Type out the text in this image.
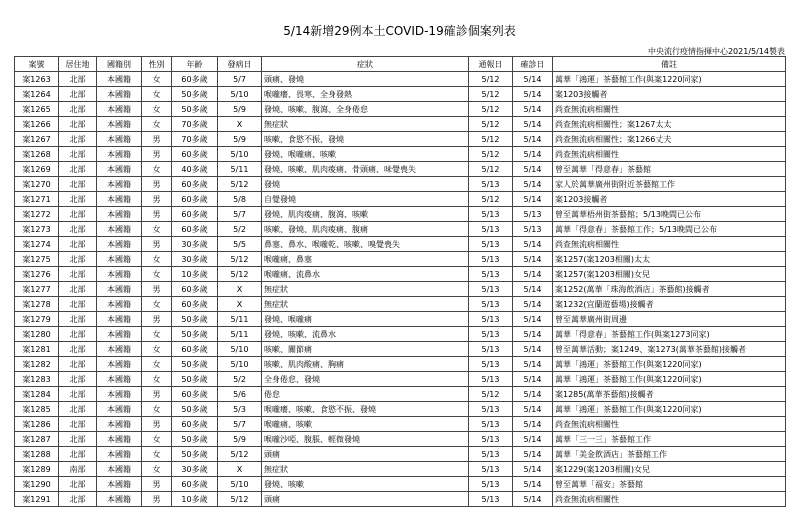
5/14新增29例本土COVID-19確診個案列表
中央流行疫情指揮中心2021/5/14製表
案號	居住地	國籍別	性別	年齡	發病日	症狀	通報日	確診日	備註
案1263	北部	本國籍	女	60多歲	5/7	頭痛、發燒	5/12	5/14	萬華「鴻運」茶藝館工作(與案1220同家)
案1264	北部	本國籍	女	50多歲	5/10	喉嚨癢、畏寒、全身發熱	5/12	5/14	案1203接觸者
案1265	北部	本國籍	女	50多歲	5/9	發燒、咳嗽、腹瀉、全身倦怠	5/12	5/14	尚查無流病相關性
案1266	北部	本國籍	女	70多歲	X	無症狀	5/12	5/14	尚查無流病相關性；案1267太太
案1267	北部	本國籍	男	70多歲	5/9	咳嗽、食慾不振、發燒	5/12	5/14	尚查無流病相關性；案1266丈夫
案1268	北部	本國籍	男	60多歲	5/10	發燒、喉嚨痛、咳嗽	5/12	5/14	尚查無流病相關性
案1269	北部	本國籍	女	40多歲	5/11	發燒、咳嗽、肌肉痠痛、骨頭痛、味覺喪失	5/12	5/14	曾至萬華「得意春」茶藝館
案1270	北部	本國籍	男	60多歲	5/12	發燒	5/13	5/14	家人於萬華廣州街附近茶藝館工作
案1271	北部	本國籍	男	60多歲	5/8	自覺發燒	5/12	5/14	案1203接觸者
案1272	北部	本國籍	男	60多歲	5/7	發燒、肌肉痠痛、腹瀉、咳嗽	5/13	5/13	曾至萬華梧州街茶藝館；5/13晚間已公布
案1273	北部	本國籍	女	60多歲	5/2	咳嗽、發燒、肌肉痠痛、腹痛	5/13	5/13	萬華「得意春」茶藝館工作；5/13晚間已公布
案1274	北部	本國籍	男	30多歲	5/5	鼻塞、鼻水、喉嚨乾、咳嗽、嗅覺喪失	5/13	5/14	尚查無流病相關性
案1275	北部	本國籍	女	30多歲	5/12	喉嚨痛、鼻塞	5/13	5/14	案1257(案1203相關)太太
案1276	北部	本國籍	女	10多歲	5/12	喉嚨痛、流鼻水	5/13	5/14	案1257(案1203相關)女兒
案1277	北部	本國籍	男	60多歲	X	無症狀	5/13	5/14	案1252(萬華「珠海飲酒店」茶藝館)接觸者
案1278	北部	本國籍	女	60多歲	X	無症狀	5/13	5/14	案1232(宜蘭遊藝場)接觸者
案1279	北部	本國籍	男	50多歲	5/11	發燒、喉嚨痛	5/13	5/14	曾至萬華廣州街周邊
案1280	北部	本國籍	女	50多歲	5/11	發燒、咳嗽、流鼻水	5/13	5/14	萬華「得意春」茶藝館工作(與案1273同家)
案1281	北部	本國籍	女	60多歲	5/10	咳嗽、關節痛	5/13	5/14	曾至萬華活動；案1249、案1273(萬華茶藝館)接觸者
案1282	北部	本國籍	女	50多歲	5/10	咳嗽、肌肉酸痛、胸痛	5/13	5/14	萬華「鴻運」茶藝館工作(與案1220同家)
案1283	北部	本國籍	女	50多歲	5/2	全身倦怠、發燒	5/13	5/14	萬華「鴻運」茶藝館工作(與案1220同家)
案1284	北部	本國籍	男	60多歲	5/6	倦怠	5/12	5/14	案1285(萬華茶藝館)接觸者
案1285	北部	本國籍	女	50多歲	5/3	喉嚨癢、咳嗽、食慾不振、發燒	5/13	5/14	萬華「鴻運」茶藝館工作(與案1220同家)
案1286	北部	本國籍	男	60多歲	5/7	喉嚨痛、咳嗽	5/13	5/14	尚查無流病相關性
案1287	北部	本國籍	女	50多歲	5/9	喉嚨沙啞、腹脹、輕微發燒	5/13	5/14	萬華「三一三」茶藝館工作
案1288	北部	本國籍	女	50多歲	5/12	頭痛	5/13	5/14	萬華「美金飲酒店」茶藝館工作
案1289	南部	本國籍	女	30多歲	X	無症狀	5/13	5/14	案1229(案1203相關)女兒
案1290	北部	本國籍	男	60多歲	5/10	發燒、咳嗽	5/13	5/14	曾至萬華「福安」茶藝館
案1291	北部	本國籍	男	10多歲	5/12	頭痛	5/13	5/14	尚查無流病相關性
